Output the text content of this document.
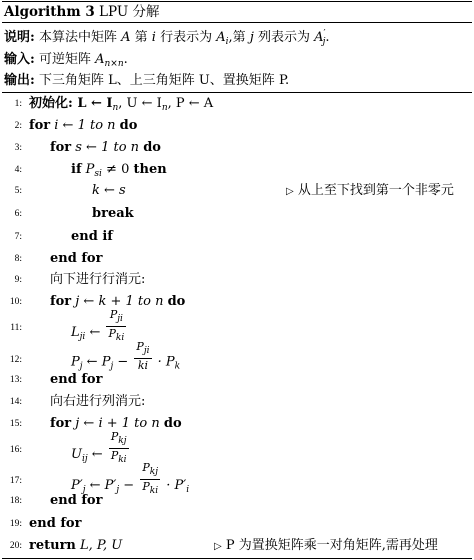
Algorithm 3 LPU 分解
说明: 本算法中矩阵 A 第 i 行表示为 $A_i$,第 j 列表示为 $A'_j$.
输入: 可逆矩阵 $A_{n\times n}$.
输出: 下三角矩阵 L、上三角矩阵 U、置换矩阵 P.
1: 初始化: L ← $I_n$, U ← $I_n$, P ← A
2: for i ← 1 to n do
3: for s ← 1 to n do
4:	if $P_{si} \ne 0$ then
5:	k ← s	▷ 从上至下找到第一个非零元
6:	break
7:	end if
8: end for
9: 向下进行行消元:
10: for j ← k + 1 to n do
11:	$L_{ji}$ ← $\frac{P_{ji}}{P_{ki}}$
12:	$P_j$ ← $P_j - \frac{P_{ji}}{ki} \cdot P_k$
13: end for
14: 向右进行列消元:
15: for j ← i + 1 to n do
16:	$U_{ij}$ ← $\frac{P_{kj}}{P_{ki}}$
17:	$P'_j$ ← $P'_j - \frac{P_{kj}}{P_{ki}} \cdot P'_i$
18: end for
19: end for
20: return L, P, U	▷ P 为置换矩阵乘一对角矩阵,需再处理
